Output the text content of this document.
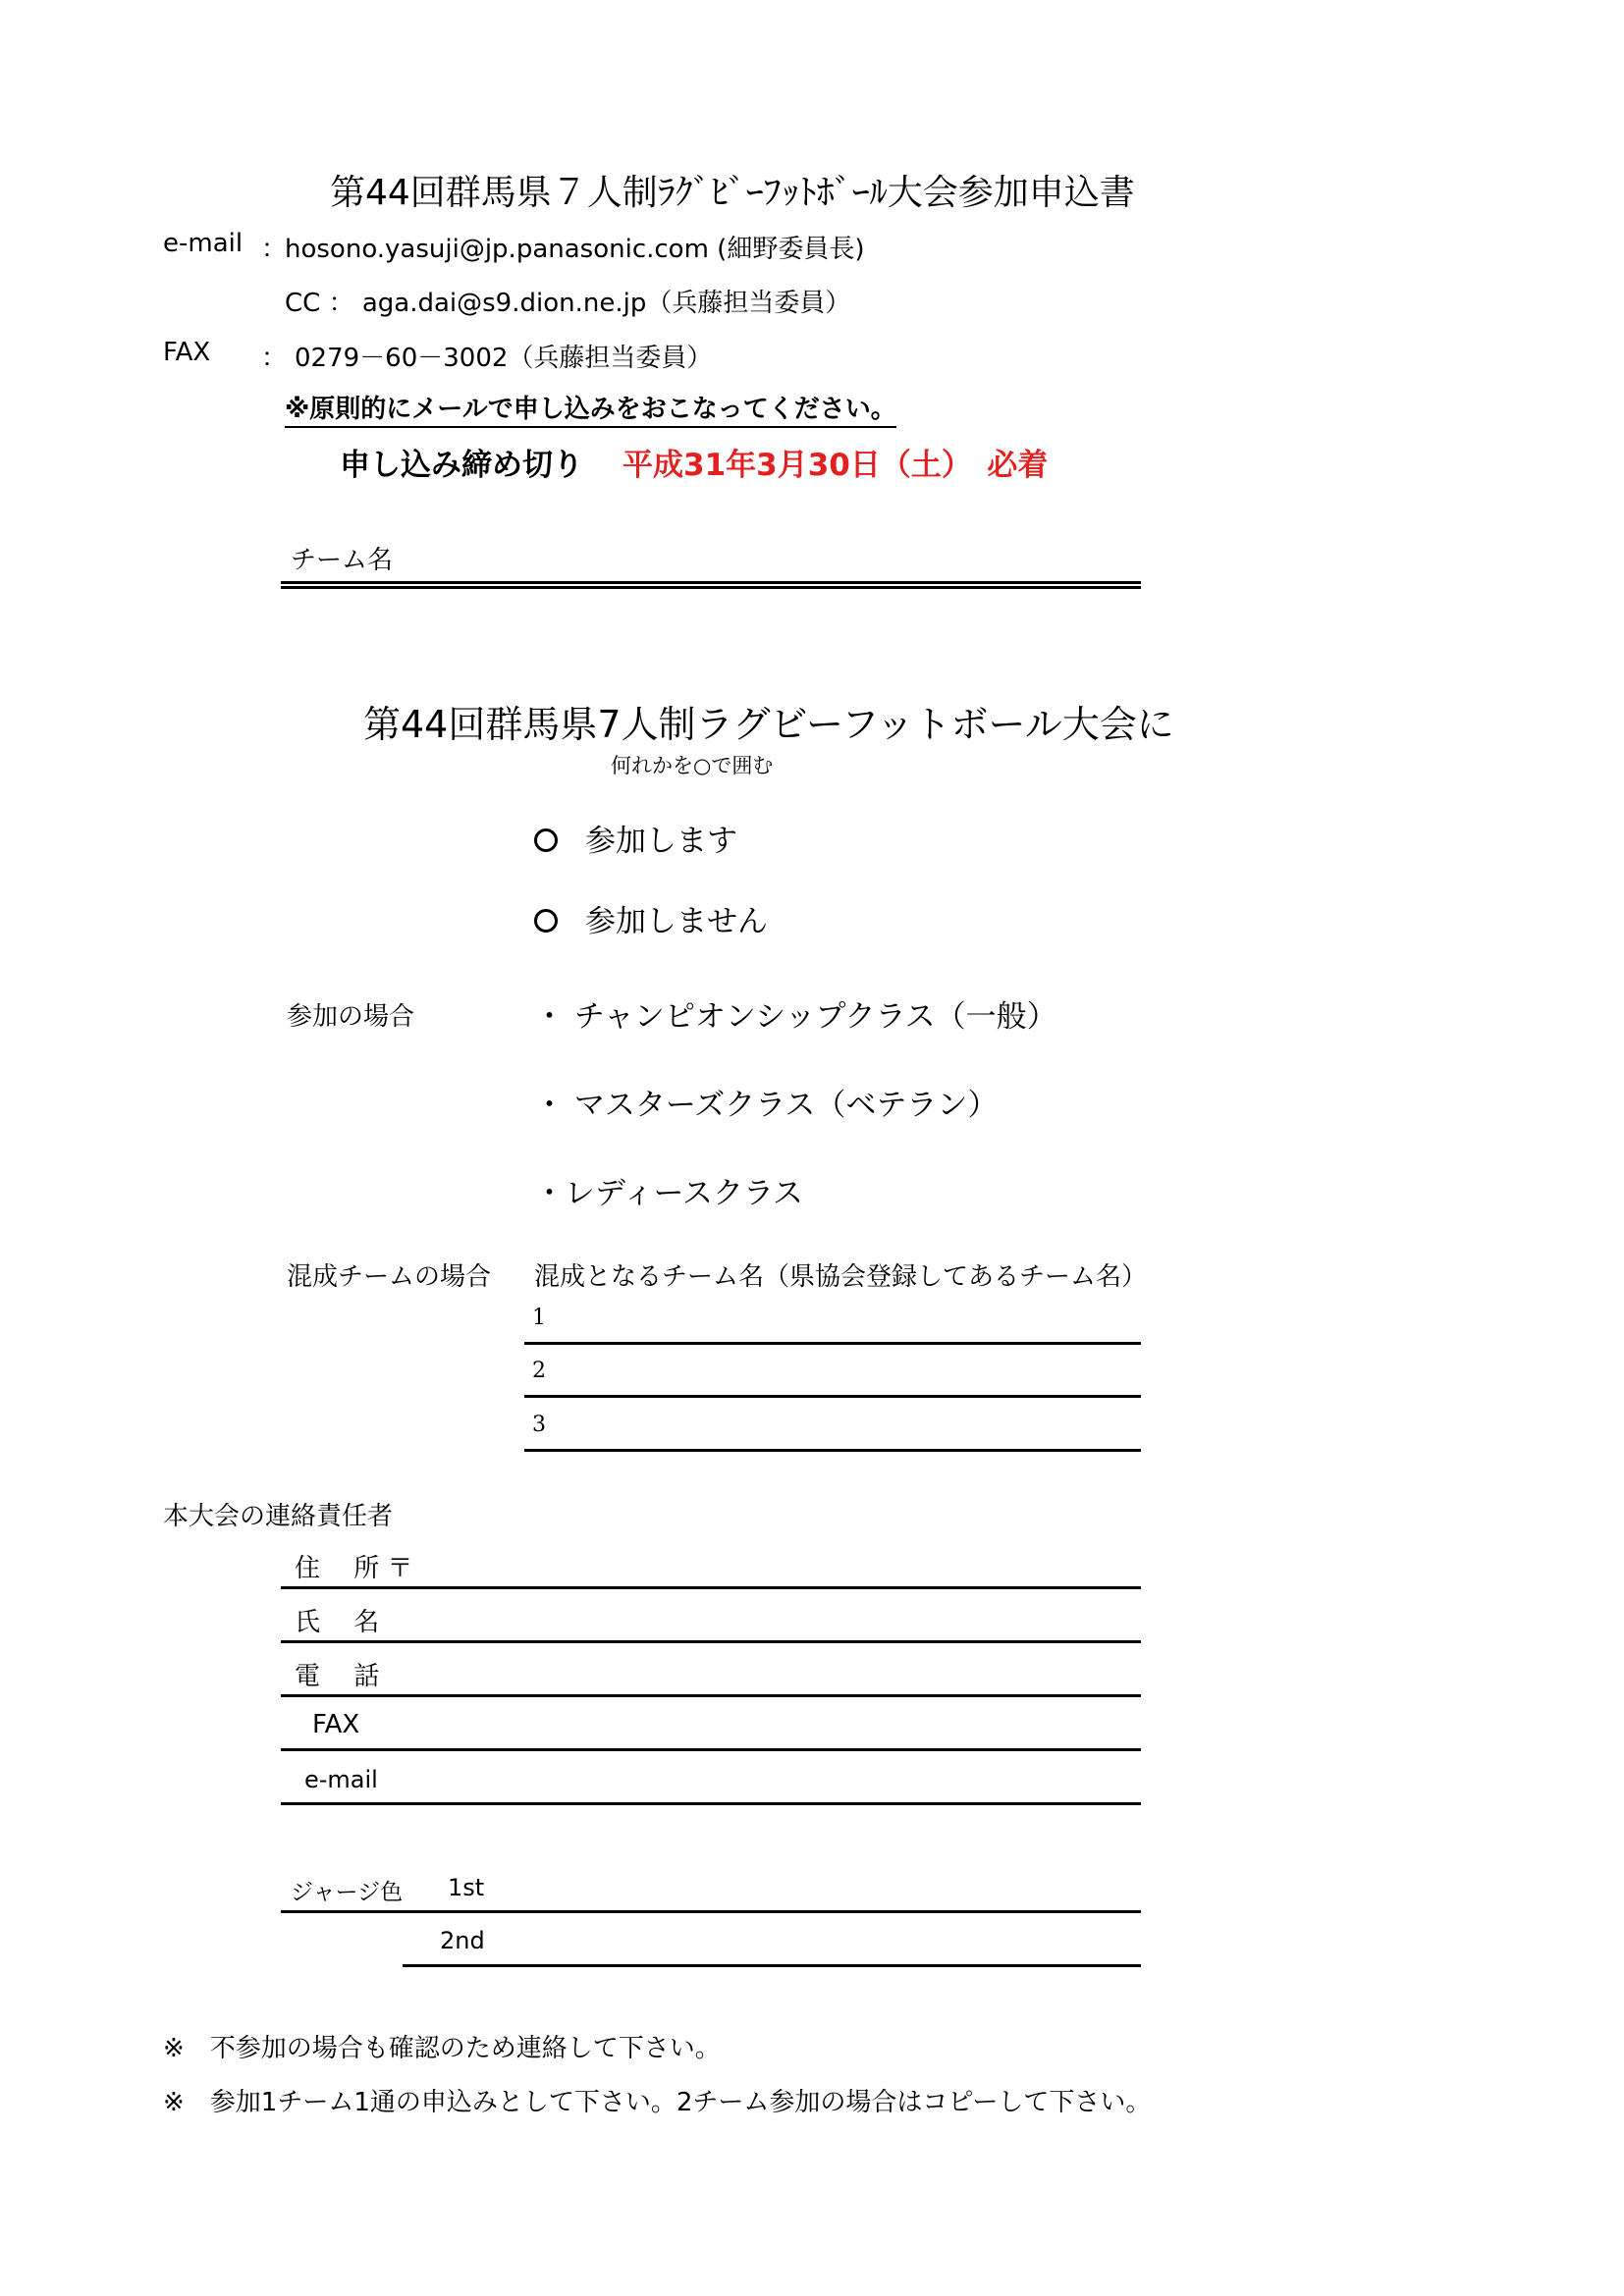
第44回群馬県７人制ﾗｸﾞﾋﾞｰﾌｯﾄﾎﾞｰﾙ大会参加申込書
e-mail ：
hosono.yasuji@jp.panasonic.com (細野委員長)
CC ： aga.dai@s9.dion.ne.jp（兵藤担当委員）
FAX ： 0279－60－3002（兵藤担当委員）
※原則的にメールで申し込みをおこなってください。
申し込み締め切り 平成31年3月30日（土）　必着
チーム名
第44回群馬県7人制ラグビーフットボール大会に
何れかを○で囲む
参加します
参加しません
参加の場合	・ チャンピオンシップクラス（一般）
・ マスターズクラス（ベテラン）
・レディースクラス
混成チームの場合 混成となるチーム名（県協会登録してあるチーム名）
1
2
3
本大会の連絡責任者
住　 所 〒
氏　 名
電　 話
FAX
e-mail
ジャージ色 1st
2nd
※　不参加の場合も確認のため連絡して下さい。
※　参加1チーム1通の申込みとして下さい。2チーム参加の場合はコピーして下さい。
